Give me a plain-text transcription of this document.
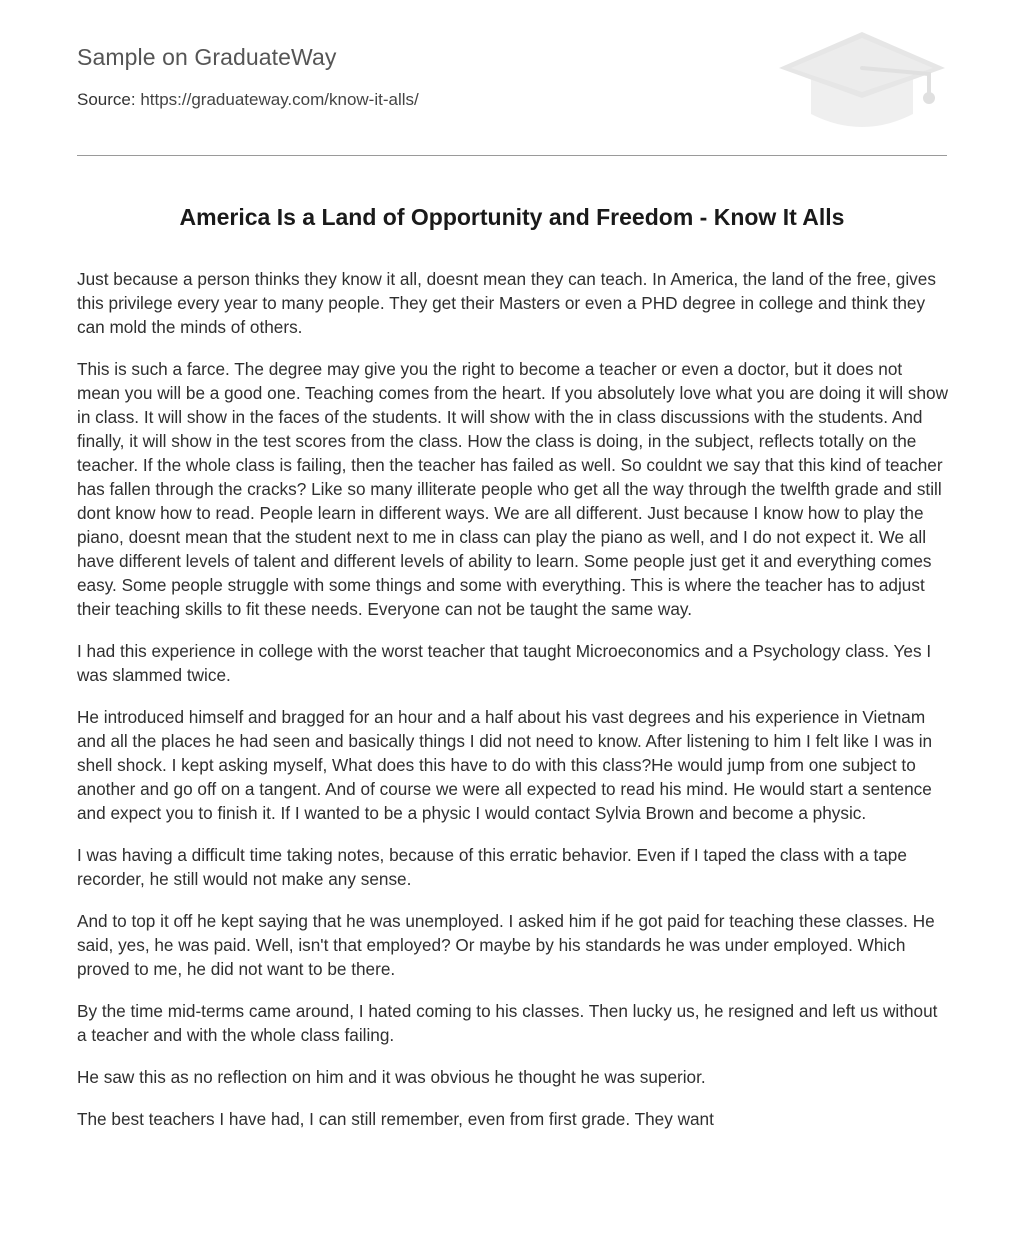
Sample on GraduateWay
Source: https://graduateway.com/know-it-alls/
America Is a Land of Opportunity and Freedom - Know It Alls

Just because a person thinks they know it all, doesnt mean they can teach. In America, the land of the free, gives this privilege every year to many people. They get their Masters or even a PHD degree in college and think they can mold the minds of others.

This is such a farce. The degree may give you the right to become a teacher or even a doctor, but it does not mean you will be a good one. Teaching comes from the heart. If you absolutely love what you are doing it will show in class. It will show in the faces of the students. It will show with the in class discussions with the students. And finally, it will show in the test scores from the class. How the class is doing, in the subject, reflects totally on the teacher. If the whole class is failing, then the teacher has failed as well. So couldnt we say that this kind of teacher has fallen through the cracks? Like so many illiterate people who get all the way through the twelfth grade and still dont know how to read. People learn in different ways. We are all different. Just because I know how to play the piano, doesnt mean that the student next to me in class can play the piano as well, and I do not expect it. We all have different levels of talent and different levels of ability to learn. Some people just get it and everything comes easy. Some people struggle with some things and some with everything. This is where the teacher has to adjust their teaching skills to fit these needs. Everyone can not be taught the same way.

I had this experience in college with the worst teacher that taught Microeconomics and a Psychology class. Yes I was slammed twice.

He introduced himself and bragged for an hour and a half about his vast degrees and his experience in Vietnam and all the places he had seen and basically things I did not need to know. After listening to him I felt like I was in shell shock. I kept asking myself, What does this have to do with this class?He would jump from one subject to another and go off on a tangent. And of course we were all expected to read his mind. He would start a sentence and expect you to finish it. If I wanted to be a physic I would contact Sylvia Brown and become a physic.

I was having a difficult time taking notes, because of this erratic behavior. Even if I taped the class with a tape recorder, he still would not make any sense.

And to top it off he kept saying that he was unemployed. I asked him if he got paid for teaching these classes. He said, yes, he was paid. Well, isn't that employed? Or maybe by his standards he was under employed. Which proved to me, he did not want to be there.

By the time mid-terms came around, I hated coming to his classes. Then lucky us, he resigned and left us without a teacher and with the whole class failing.

He saw this as no reflection on him and it was obvious he thought he was superior.

The best teachers I have had, I can still remember, even from first grade. They want
